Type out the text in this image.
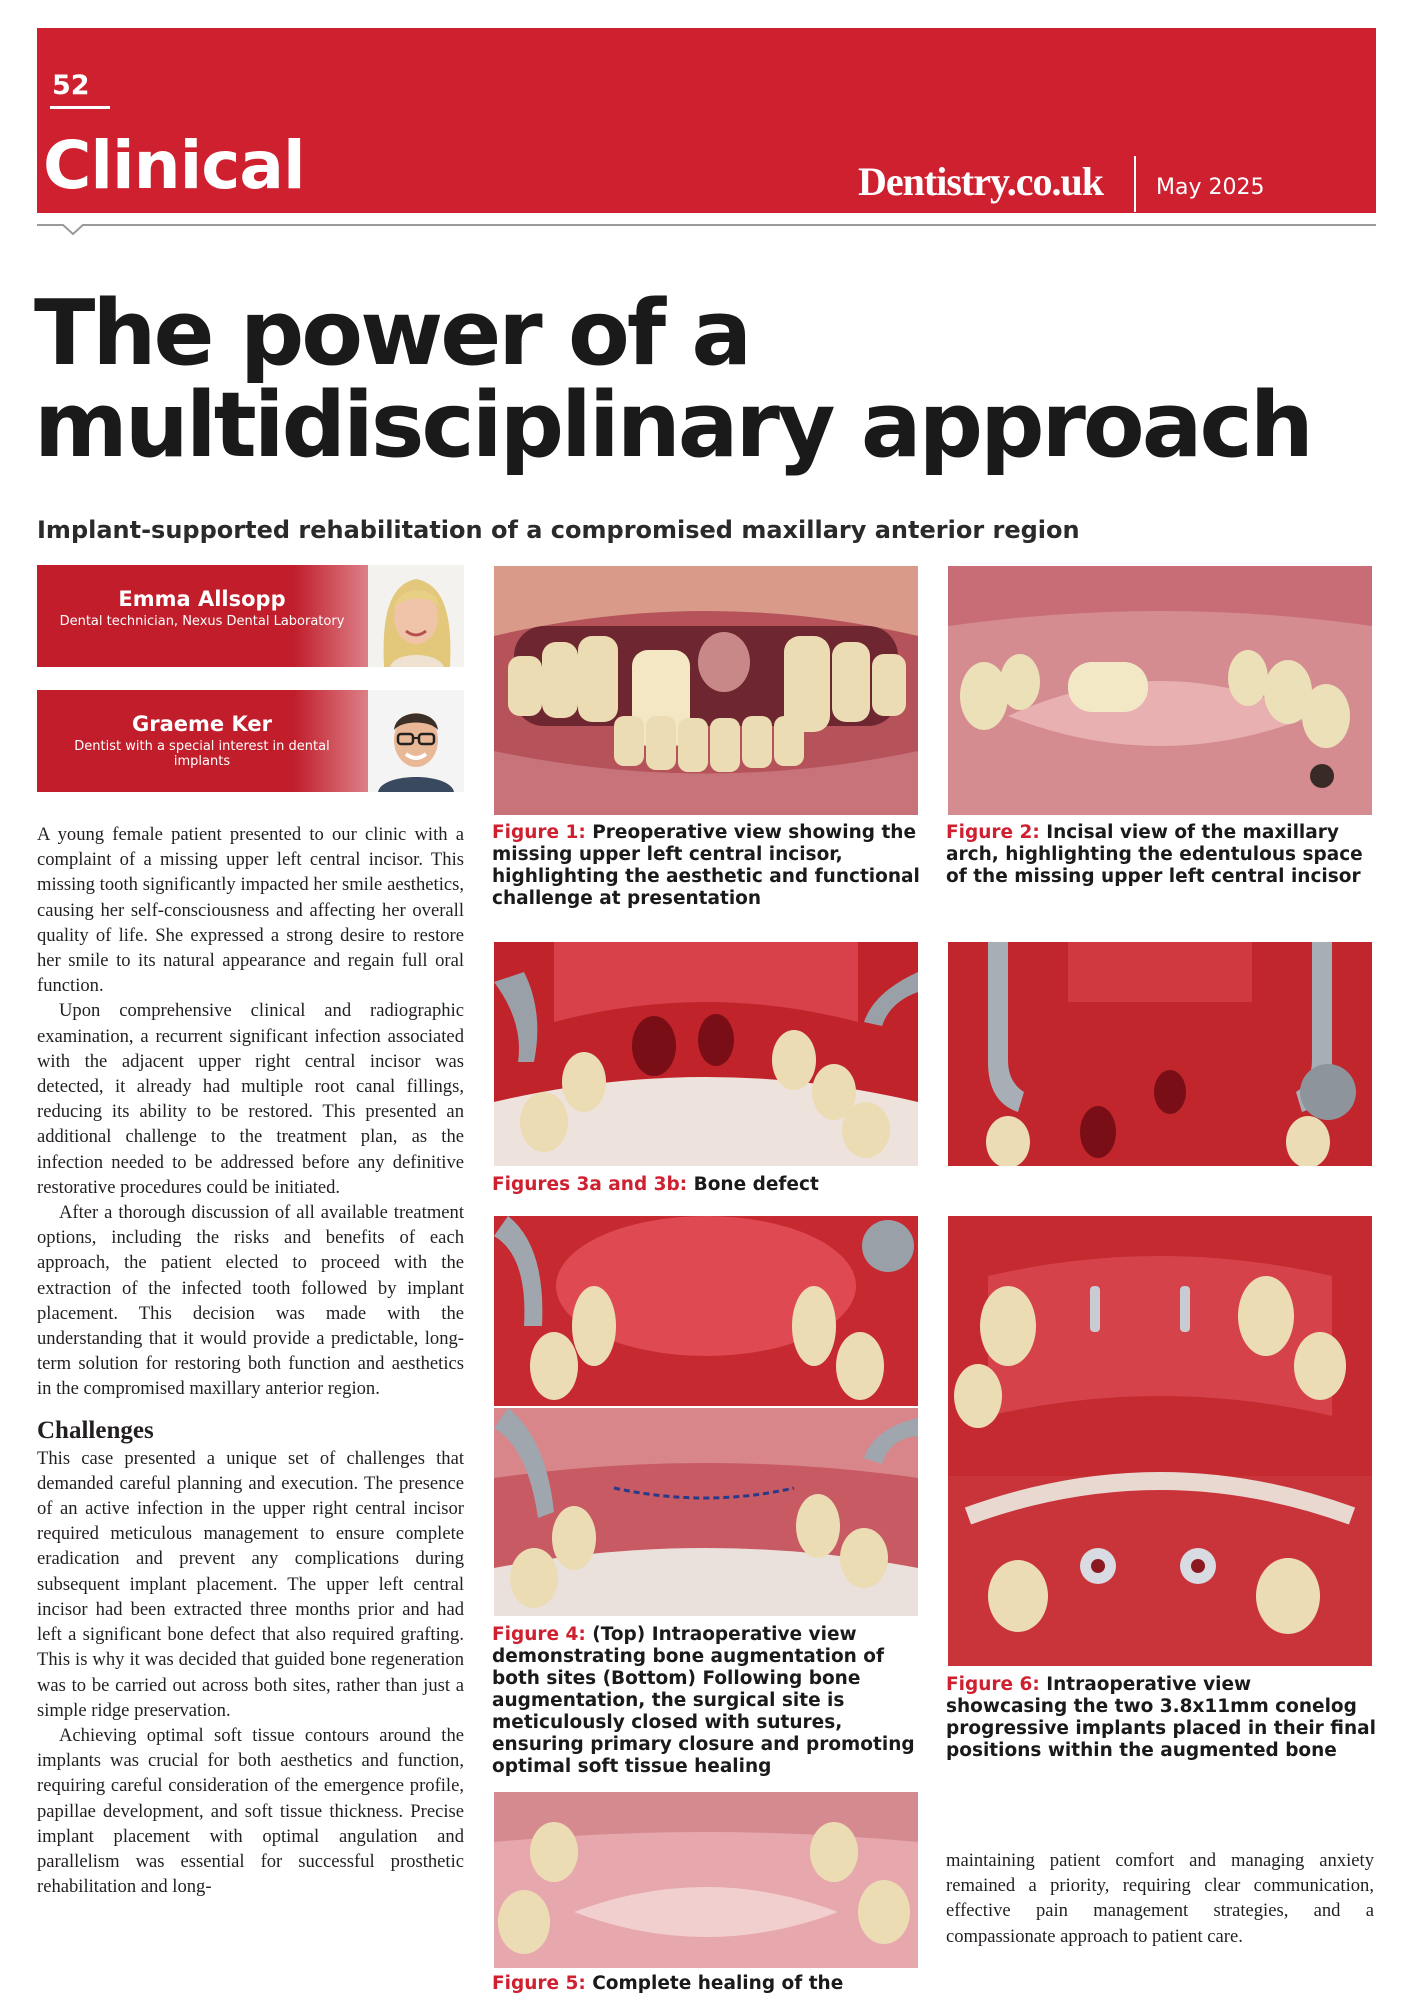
52
Clinical	Dentistry.co.uk May 2025
The power of a
multidisciplinary approach
Implant-supported rehabilitation of a compromised maxillary anterior region
Emma Allsopp
Dental technician, Nexus Dental Laboratory
Graeme Ker
Dentist with a special interest in dental implants

A young female patient presented to our clinic with a complaint of a missing upper left central incisor. This missing tooth significantly impacted her smile aesthetics, causing her self-consciousness and affecting her overall quality of life. She expressed a strong desire to restore her smile to its natural appearance and regain full oral function.

Upon comprehensive clinical and radiographic examination, a recurrent significant infection associated with the adjacent upper right central incisor was detected, it already had multiple root canal fillings, reducing its ability to be restored. This presented an additional challenge to the treatment plan, as the infection needed to be addressed before any definitive restorative procedures could be initiated.

After a thorough discussion of all available treatment options, including the risks and benefits of each approach, the patient elected to proceed with the extraction of the infected tooth followed by implant placement. This decision was made with the understanding that it would provide a predictable, long-term solution for restoring both function and aesthetics in the compromised maxillary anterior region.

Challenges

This case presented a unique set of challenges that demanded careful planning and execution. The presence of an active infection in the upper right central incisor required meticulous management to ensure complete eradication and prevent any complications during subsequent implant placement. The upper left central incisor had been extracted three months prior and had left a significant bone defect that also required grafting. This is why it was decided that guided bone regeneration was to be carried out across both sites, rather than just a simple ridge preservation.

Achieving optimal soft tissue contours around the implants was crucial for both aesthetics and function, requiring careful consideration of the emergence profile, papillae development, and soft tissue thickness. Precise implant placement with optimal angulation and parallelism was essential for successful prosthetic rehabilitation and long-

Figure 1: Preoperative view showing the missing upper left central incisor, highlighting the aesthetic and functional challenge at presentation
Figure 2: Incisal view of the maxillary arch, highlighting the edentulous space of the missing upper left central incisor
Figures 3a and 3b: Bone defect
Figure 4: (Top) Intraoperative view demonstrating bone augmentation of both sites (Bottom) Following bone augmentation, the surgical site is meticulously closed with sutures, ensuring primary closure and promoting optimal soft tissue healing
Figure 5: Complete healing of the
Figure 6: Intraoperative view showcasing the two 3.8x11mm conelog progressive implants placed in their final positions within the augmented bone

maintaining patient comfort and managing anxiety remained a priority, requiring clear communication, effective pain management strategies, and a compassionate approach to patient care.
